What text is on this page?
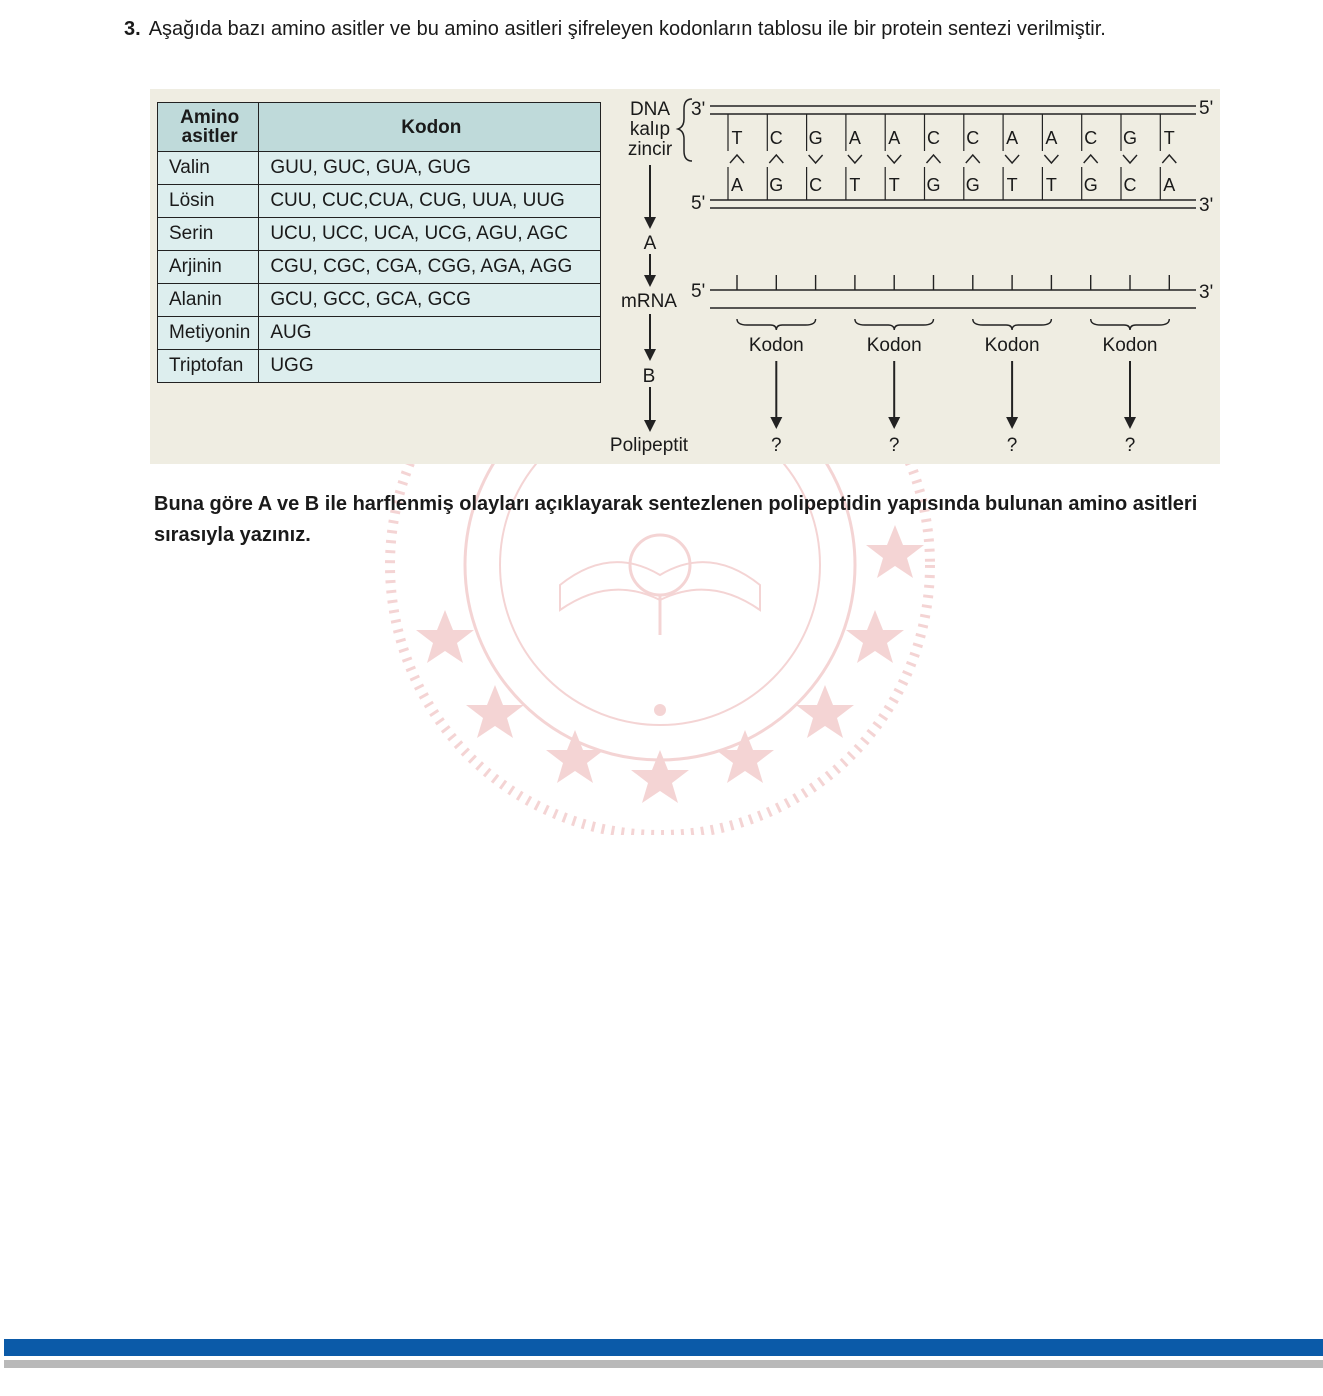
3. Aşağıda bazı amino asitler ve bu amino asitleri şifreleyen kodonların tablosu ile bir protein sentezi verilmiştir.
Amino asitler	Kodon
Valin	GUU, GUC, GUA, GUG
Lösin	CUU, CUC,CUA, CUG, UUA, UUG
Serin	UCU, UCC, UCA, UCG, AGU, AGC
Arjinin	CGU, CGC, CGA, CGG, AGA, AGG
Alanin	GCU, GCC, GCA, GCG
Metiyonin	AUG
Triptofan	UGG
DNA
kalıp
zincir
A
mRNA
B
Polipeptit
3'	5'
5'	3'
T
A
C
G
G
C
A
T
A
T
C
G
C
G
A
T
A
T
C
G
G
C
T
A
5'	3'
Kodon
?
Kodon
?
Kodon
?
Kodon
?
Buna göre A ve B ile harflenmiş olayları açıklayarak sentezlenen polipeptidin yapısında bulunan amino asitleri sırasıyla yazınız.
